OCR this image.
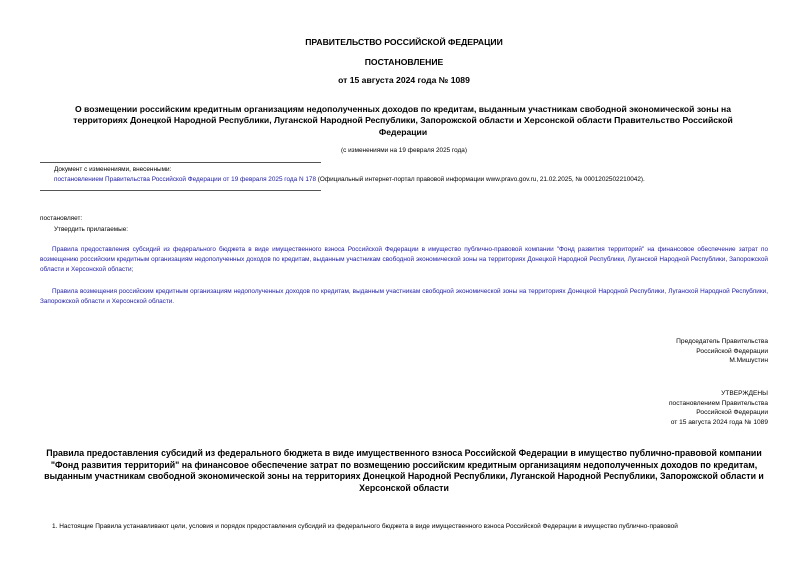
ПРАВИТЕЛЬСТВО РОССИЙСКОЙ ФЕДЕРАЦИИ
ПОСТАНОВЛЕНИЕ
от 15 августа 2024 года № 1089
О возмещении российским кредитным организациям недополученных доходов по кредитам, выданным участникам свободной экономической зоны на территориях Донецкой Народной Республики, Луганской Народной Республики, Запорожской области и Херсонской области Правительство Российской Федерации
(с изменениями на 19 февраля 2025 года)
Документ с изменениями, внесенными:
постановлением Правительства Российской Федерации от 19 февраля 2025 года N 178 (Официальный интернет-портал правовой информации www.pravo.gov.ru, 21.02.2025, № 0001202502210042).
постановляет:
Утвердить прилагаемые:
Правила предоставления субсидий из федерального бюджета в виде имущественного взноса Российской Федерации в имущество публично-правовой компании "Фонд развития территорий" на финансовое обеспечение затрат по возмещению российским кредитным организациям недополученных доходов по кредитам, выданным участникам свободной экономической зоны на территориях Донецкой Народной Республики, Луганской Народной Республики, Запорожской области и Херсонской области;
Правила возмещения российским кредитным организациям недополученных доходов по кредитам, выданным участникам свободной экономической зоны на территориях Донецкой Народной Республики, Луганской Народной Республики, Запорожской области и Херсонской области.
Председатель Правительства
Российской Федерации
М.Мишустин
УТВЕРЖДЕНЫ
постановлением Правительства
Российской Федерации
от 15 августа 2024 года № 1089
Правила предоставления субсидий из федерального бюджета в виде имущественного взноса Российской Федерации в имущество публично-правовой компании "Фонд развития территорий" на финансовое обеспечение затрат по возмещению российским кредитным организациям недополученных доходов по кредитам, выданным участникам свободной экономической зоны на территориях Донецкой Народной Республики, Луганской Народной Республики, Запорожской области и Херсонской области
1. Настоящие Правила устанавливают цели, условия и порядок предоставления субсидий из федерального бюджета в виде имущественного взноса Российской Федерации в имущество публично-правовой
